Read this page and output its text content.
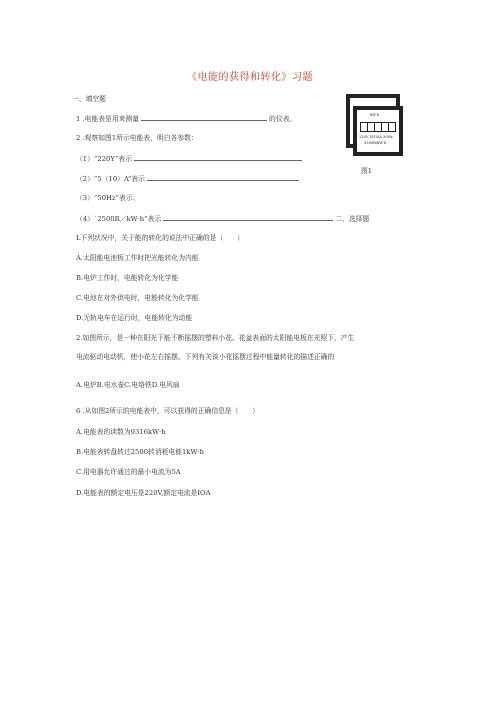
《电能的获得和转化》习题
一、填空题
1 .电能表是用来测量	的仪表。
2 .观察如图1所示电能表，明白各参数：
（1）“220Y”表示
（2）“5（10）A”表示
（3）“50Hz”表示、
（4）`2500R／kW·h”表示	二、选择题
kW·h
220V 5(10)A 50Hz
2500R/kW·h
图1
L下列状况中，关于能的转化的说法中正确的是（　　）
A.太阳能电池板工作时把光能转化为内能
B.电炉工作时，电能转化为化学能
C.电池在对外供电时，电能转化为化学能
D.无轨电车在运行时，电能转化为动能
2.如图所示，是一种在阳光下能不断摇摆的塑料小花。花盆表面的太阳能电板在光照下，产生
电流驱动电动机，使小花左右摇摆。下列有关该小花摇摆过程中能量转化的描述正确的
A.电炉B.电水壶C.电烙铁D.电风扇
6 .从如图2所示的电能表中，可以获得的正确信息是（　　）
A.电能表的读数为9316kW·h
B.电能表转盘转过2500转消耗电能1kW·h
C.用电器允许通过的最小电流为5A
D.电能表的额定电压是220V,额定电流是IOA
